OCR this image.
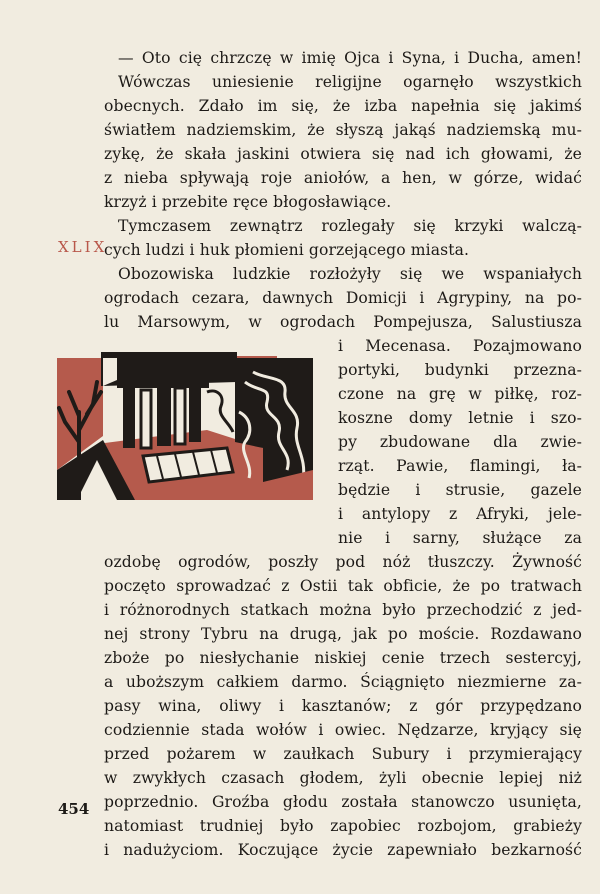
— Oto cię chrzczę w imię Ojca i Syna, i Ducha, amen!
Wówczas uniesienie religijne ogarnęło wszystkich
obecnych. Zdało im się, że izba napełnia się jakimś
światłem nadziemskim, że słyszą jakąś nadziemską mu-
zykę, że skała jaskini otwiera się nad ich głowami, że
z nieba spływają roje aniołów, a hen, w górze, widać
krzyż i przebite ręce błogosławiące.
Tymczasem zewnątrz rozlegały się krzyki walczą-
cych ludzi i huk płomieni gorzejącego miasta.
XLIX
Obozowiska ludzkie rozłożyły się we wspaniałych
ogrodach cezara, dawnych Domicji i Agrypiny, na po-
lu Marsowym, w ogrodach Pompejusza, Salustiusza
i Mecenasa. Pozajmowano
portyki, budynki przezna-
czone na grę w piłkę, roz-
koszne domy letnie i szo-
py zbudowane dla zwie-
rząt. Pawie, flamingi, ła-
będzie i strusie, gazele
i antylopy z Afryki, jele-
nie i sarny, służące za
ozdobę ogrodów, poszły pod nóż tłuszczy. Żywność
poczęto sprowadzać z Ostii tak obficie, że po tratwach
i różnorodnych statkach można było przechodzić z jed-
nej strony Tybru na drugą, jak po moście. Rozdawano
zboże po niesłychanie niskiej cenie trzech sestercyj,
a uboższym całkiem darmo. Ściągnięto niezmierne za-
pasy wina, oliwy i kasztanów; z gór przypędzano
codziennie stada wołów i owiec. Nędzarze, kryjący się
przed pożarem w zaułkach Subury i przymierający
w zwykłych czasach głodem, żyli obecnie lepiej niż
poprzednio. Groźba głodu została stanowczo usunięta,
natomiast trudniej było zapobiec rozbojom, grabieży
i nadużyciom. Koczujące życie zapewniało bezkarność
454
